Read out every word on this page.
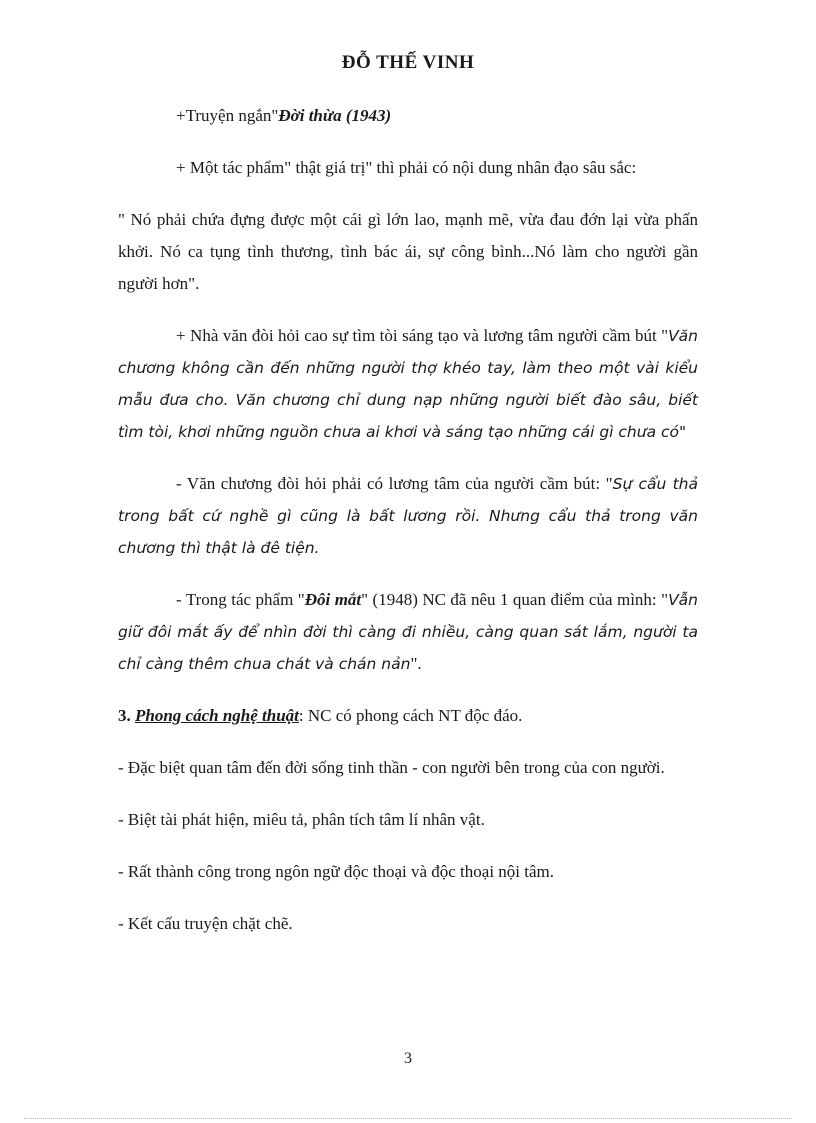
ĐỖ THẾ VINH

+Truyện ngắn"Đời thừa (1943)

+ Một tác phẩm" thật giá trị" thì phải có nội dung nhân đạo sâu sắc:

" Nó phải chứa đựng được một cái gì lớn lao, mạnh mẽ, vừa đau đớn lại vừa phấn khởi. Nó ca tụng tình thương, tình bác ái, sự công bình...Nó làm cho người gần người hơn".

+ Nhà văn đòi hỏi cao sự tìm tòi sáng tạo và lương tâm người cầm bút "Văn chương không cần đến những người thợ khéo tay, làm theo một vài kiểu mẫu đưa cho. Văn chương chỉ dung nạp những người biết đào sâu, biết tìm tòi, khơi những nguồn chưa ai khơi và sáng tạo những cái gì chưa có"

- Văn chương đòi hỏi phải có lương tâm của người cầm bút: "Sự cẩu thả trong bất cứ nghề gì cũng là bất lương rồi. Nhưng cẩu thả trong văn chương thì thật là đê tiện.

- Trong tác phẩm "Đôi mắt" (1948) NC đã nêu 1 quan điểm của mình: "Vẫn giữ đôi mắt ấy để nhìn đời thì càng đi nhiều, càng quan sát lắm, người ta chỉ càng thêm chua chát và chán nản".

3. Phong cách nghệ thuật: NC có phong cách NT độc đáo.

- Đặc biệt quan tâm đến đời sống tinh thần - con người bên trong của con người.

- Biệt tài phát hiện, miêu tả, phân tích tâm lí nhân vật.

- Rất thành công trong ngôn ngữ độc thoại và độc thoại nội tâm.

- Kết cấu truyện chặt chẽ.

3
